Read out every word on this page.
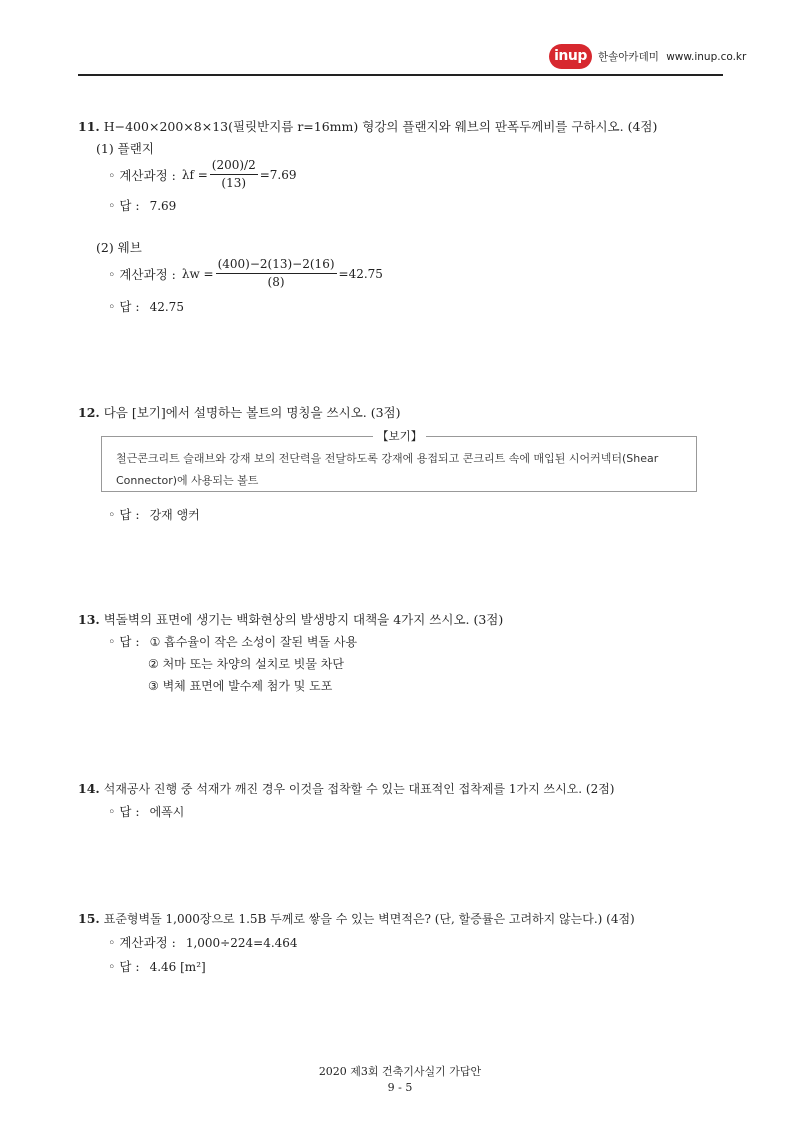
inup	한솔아카데미 www.inup.co.kr
11. H−400×200×8×13(필릿반지름 r=16mm) 형강의 플랜지와 웨브의 판폭두께비를 구하시오. (4점)
(1) 플랜지
◦ 계산과정 : $\lambda f = \frac{(200)/2}{(13)} =7.69$
◦ 답 : 7.69
(2) 웨브
◦ 계산과정 : $\lambda w = \frac{(400)-2(13)-2(16)}{(8)} =42.75$
◦ 답 : 42.75
12. 다음 [보기]에서 설명하는 볼트의 명칭을 쓰시오. (3점)
【보기】
철근콘크리트 슬래브와 강재 보의 전단력을 전달하도록 강재에 용접되고 콘크리트 속에 매입된 시어커넥터(Shear Connector)에 사용되는 볼트
◦ 답 : 강재 앵커
13. 벽돌벽의 표면에 생기는 백화현상의 발생방지 대책을 4가지 쓰시오. (3점)
◦ 답 : ① 흡수율이 작은 소성이 잘된 벽돌 사용
② 처마 또는 차양의 설치로 빗물 차단
③ 벽체 표면에 발수제 첨가 및 도포
14. 석재공사 진행 중 석재가 깨진 경우 이것을 접착할 수 있는 대표적인 접착제를 1가지 쓰시오. (2점)
◦ 답 : 에폭시
15. 표준형벽돌 1,000장으로 1.5B 두께로 쌓을 수 있는 벽면적은? (단, 할증률은 고려하지 않는다.) (4점)
◦ 계산과정 : 1,000÷224=4.464
◦ 답 : 4.46 [m²]
2020 제3회 건축기사실기 가답안
9 - 5
